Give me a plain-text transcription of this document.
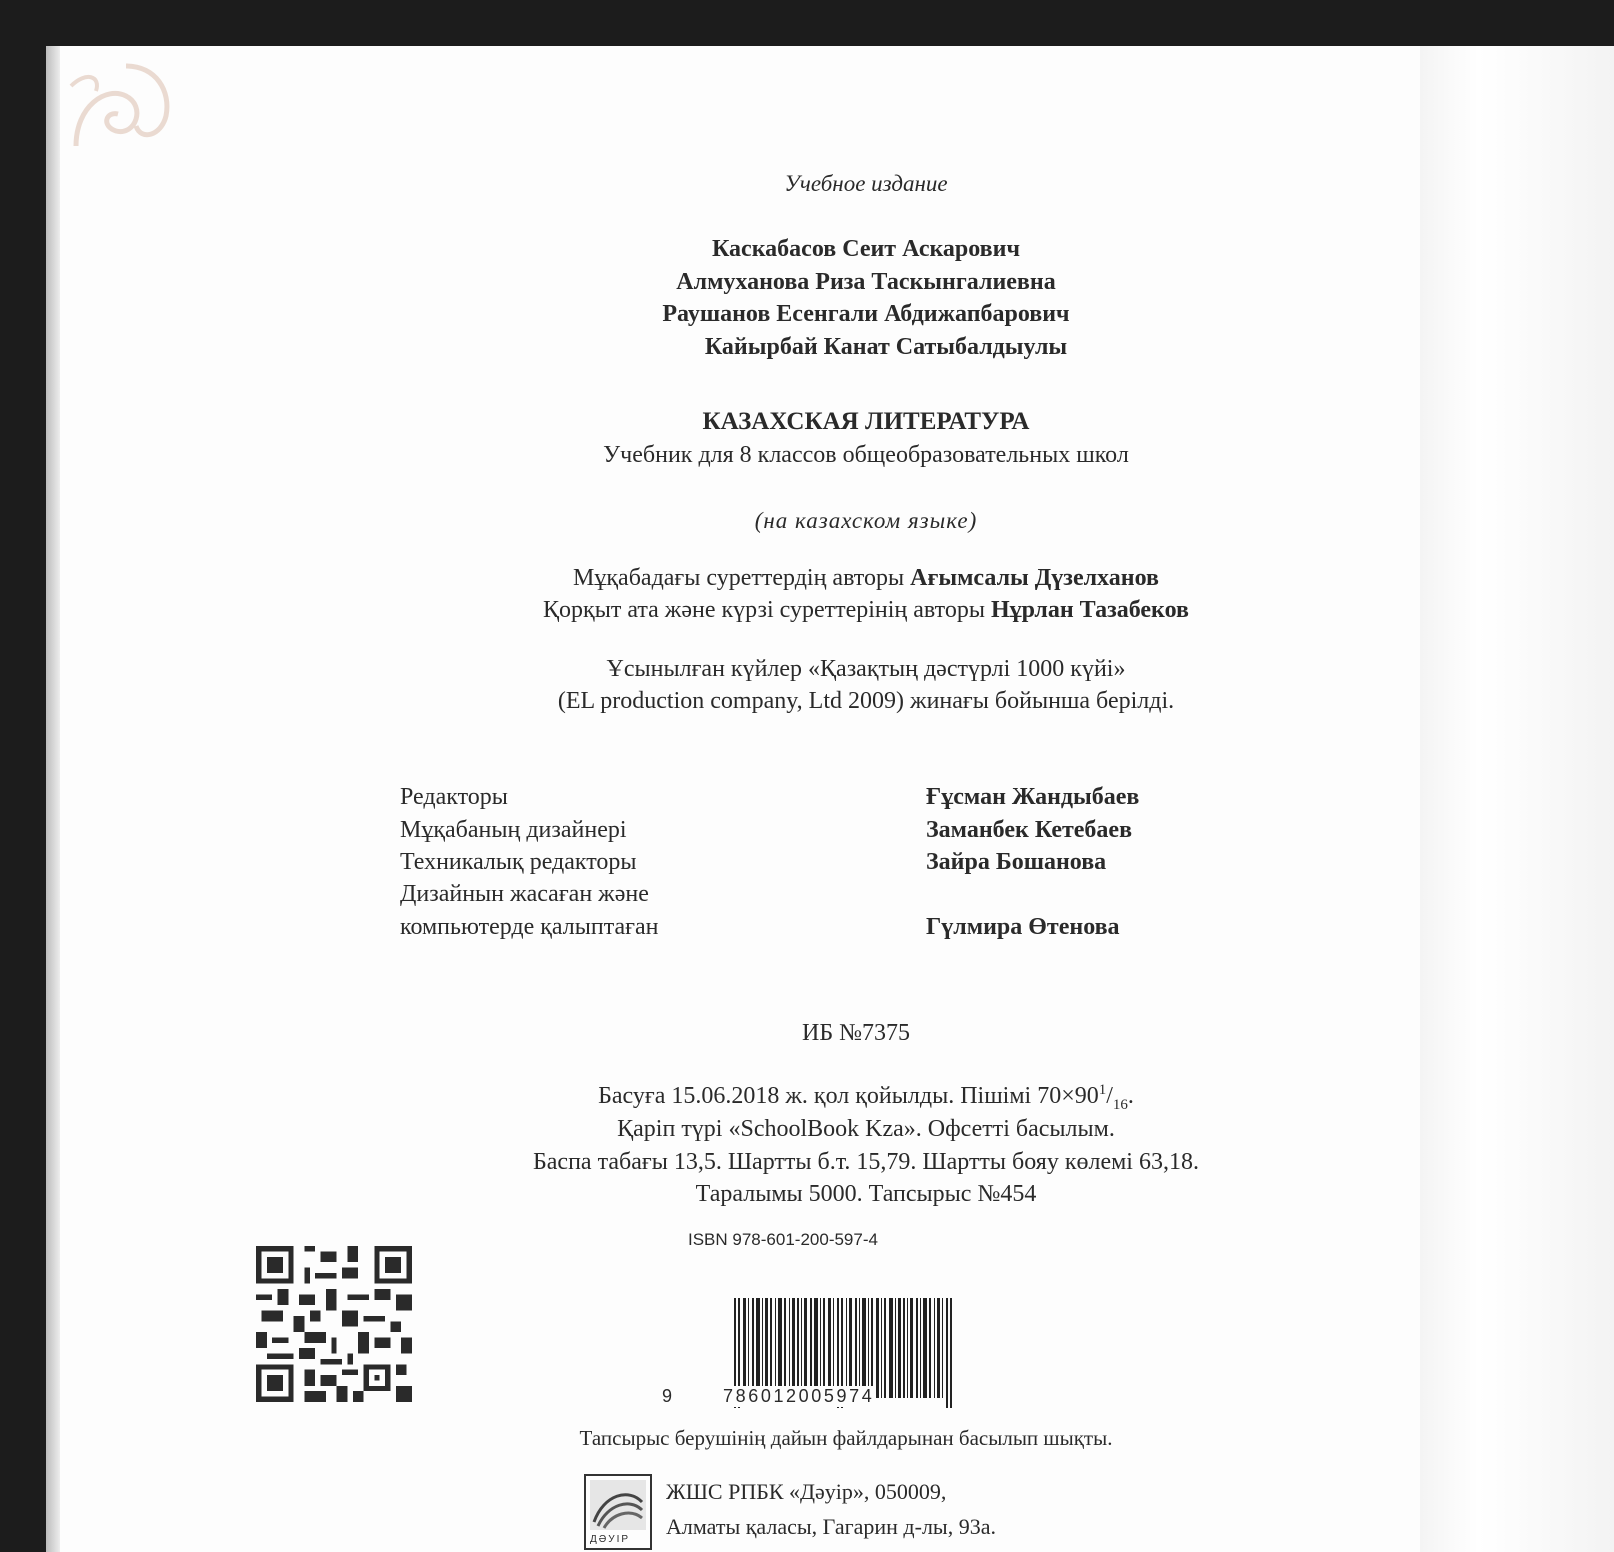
Учебное издание
Каскабасов Сеит Аскарович
Алмуханова Риза Таскынгалиевна
Раушанов Есенгали Абдижапбарович
Кайырбай Канат Сатыбалдыулы
КАЗАХСКАЯ ЛИТЕРАТУРА
Учебник для 8 классов общеобразовательных школ
(на казахском языке)
Мұқабадағы суреттердің авторы Ағымсалы Дүзелханов
Қорқыт ата және күрзі суреттерінің авторы Нұрлан Тазабеков
Ұсынылған күйлер «Қазақтың дәстүрлі 1000 күйі»
(EL production company, Ltd 2009) жинағы бойынша берілді.
Редакторы
Мұқабаның дизайнері
Техникалық редакторы
Дизайнын жасаған және
компьютерде қалыптаған
Ғұсман Жандыбаев
Заманбек Кетебаев
Зайра Бошанова
Гүлмира Өтенова
ИБ №7375
Басуға 15.06.2018 ж. қол қойылды. Пішімі $70\times 90^1/_{16}$.
Қаріп түрі «SchoolBook Kza». Офсетті басылым.
Баспа табағы 13,5. Шартты б.т. 15,79. Шартты бояу көлемі 63,18.
Таралымы 5000. Тапсырыс №454
ISBN 978-601-200-597-4
9	786012005974
Тапсырыс берушінің дайын файлдарынан басылып шықты.
ДӘУІР
ЖШС РПБК «Дәуір», 050009,
Алматы қаласы, Гагарин д-лы, 93а.
